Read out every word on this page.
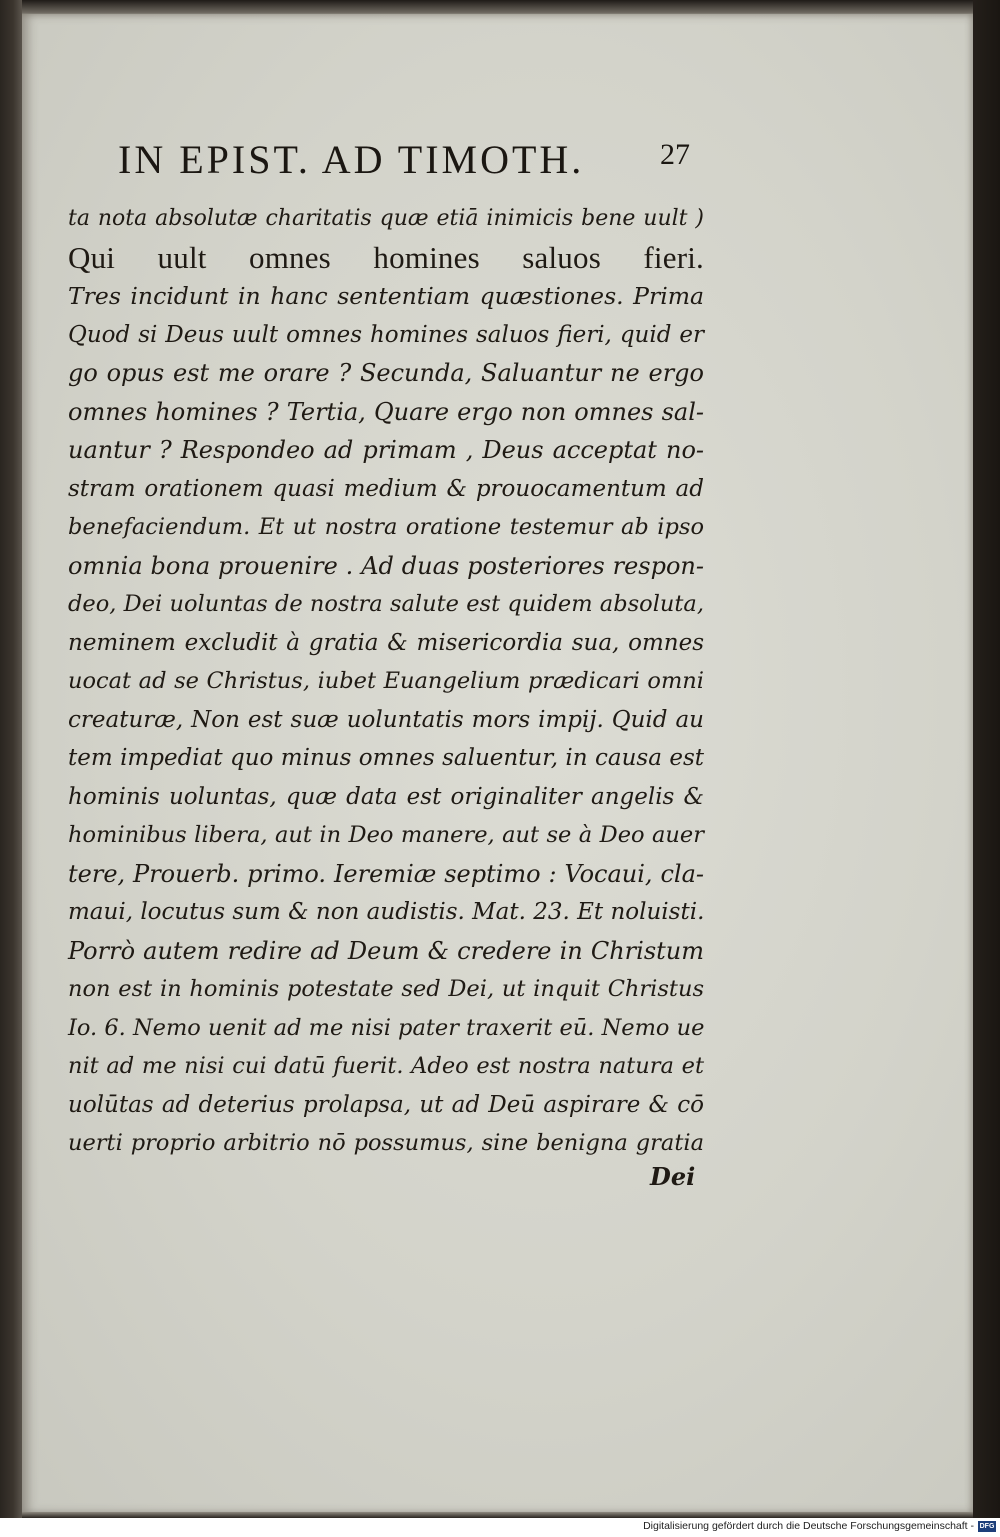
IN EPIST. AD TIMOTH.	27
ta nota absolutæ charitatis quæ etiā inimicis bene uult )
Qui uult omnes homines saluos fieri.
Tres incidunt in hanc sententiam quæstiones. Prima
Quod si Deus uult omnes homines saluos fieri, quid er
go opus est me orare ? Secunda, Saluantur ne ergo
omnes homines ? Tertia, Quare ergo non omnes sal-
uantur ? Respondeo ad primam , Deus acceptat no-
stram orationem quasi medium & prouocamentum ad
benefaciendum. Et ut nostra oratione testemur ab ipso
omnia bona prouenire . Ad duas posteriores respon-
deo, Dei uoluntas de nostra salute est quidem absoluta,
neminem excludit à gratia & misericordia sua, omnes
uocat ad se Christus, iubet Euangelium prædicari omni
creaturæ, Non est suæ uoluntatis mors impij. Quid au
tem impediat quo minus omnes saluentur, in causa est
hominis uoluntas, quæ data est originaliter angelis &
hominibus libera, aut in Deo manere, aut se à Deo auer
tere, Prouerb. primo. Ieremiæ septimo : Vocaui, cla-
maui, locutus sum & non audistis. Mat. 23. Et noluisti.
Porrò autem redire ad Deum & credere in Christum
non est in hominis potestate sed Dei, ut inquit Christus
Io. 6. Nemo uenit ad me nisi pater traxerit eū. Nemo ue
nit ad me nisi cui datū fuerit. Adeo est nostra natura et
uolūtas ad deterius prolapsa, ut ad Deū aspirare & cō
uerti proprio arbitrio nō possumus, sine benigna gratia
Dei
Digitalisierung gefördert durch die Deutsche Forschungsgemeinschaft - DFG
